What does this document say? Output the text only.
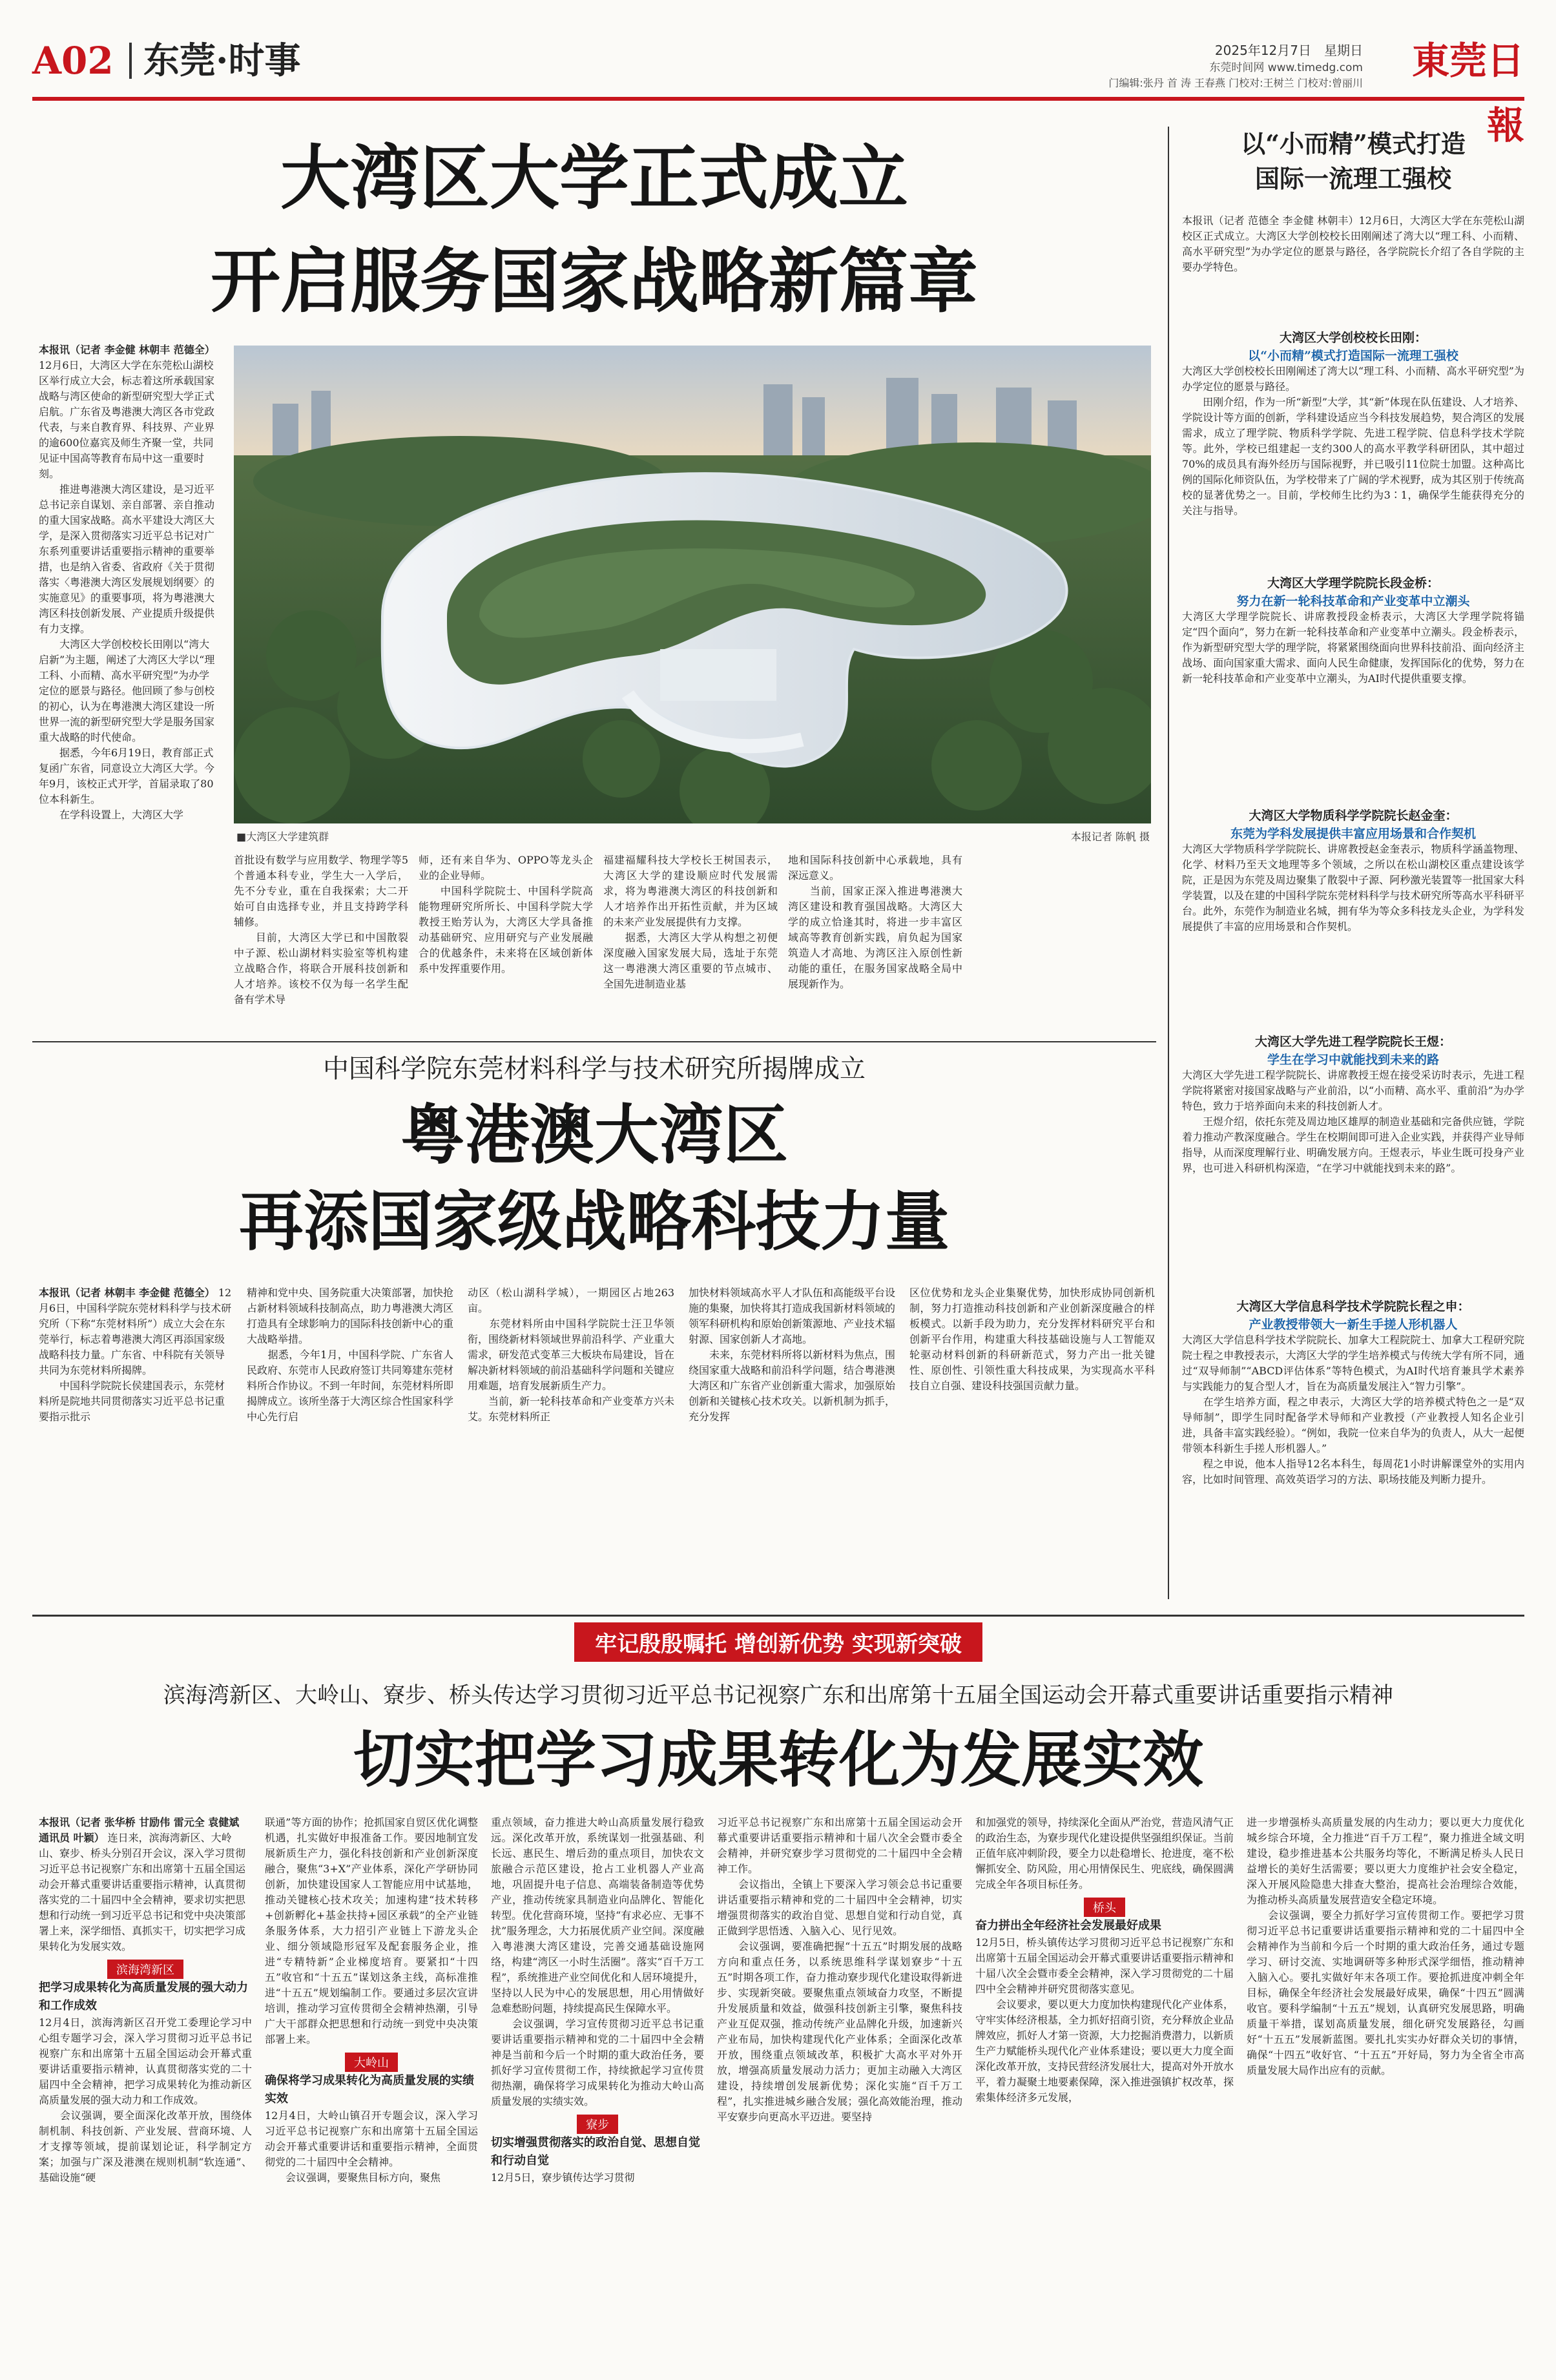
A02 东莞·时事	2025年12月7日　星期日
东莞时间网 www.timedg.com
门编辑:张丹 首 涛 王春燕 门校对:王树兰 门校对:曾丽川
東莞日報
大湾区大学正式成立
开启服务国家战略新篇章

本报讯（记者 李金健 林朝丰 范德全）

12月6日，大湾区大学在东莞松山湖校区举行成立大会，标志着这所承载国家战略与湾区使命的新型研究型大学正式启航。广东省及粤港澳大湾区各市党政代表，与来自教育界、科技界、产业界的逾600位嘉宾及师生齐聚一堂，共同见证中国高等教育布局中这一重要时刻。
　　推进粤港澳大湾区建设，是习近平总书记亲自谋划、亲自部署、亲自推动的重大国家战略。高水平建设大湾区大学，是深入贯彻落实习近平总书记对广东系列重要讲话重要指示精神的重要举措，也是纳入省委、省政府《关于贯彻落实〈粤港澳大湾区发展规划纲要〉的实施意见》的重要事项，将为粤港澳大湾区科技创新发展、产业提质升级提供有力支撑。
　　大湾区大学创校校长田刚以“湾大启新”为主题，阐述了大湾区大学以“理工科、小而精、高水平研究型”为办学定位的愿景与路径。他回顾了参与创校的初心，认为在粤港澳大湾区建设一所世界一流的新型研究型大学是服务国家重大战略的时代使命。
　　据悉，今年6月19日，教育部正式复函广东省，同意设立大湾区大学。今年9月，该校正式开学，首届录取了80位本科新生。
　　在学科设置上，大湾区大学

■大湾区大学建筑群	本报记者 陈帆 摄

首批设有数学与应用数学、物理学等5个普通本科专业，学生大一入学后，先不分专业，重在自我探索；大二开始可自由选择专业，并且支持跨学科辅修。
　　目前，大湾区大学已和中国散裂中子源、松山湖材料实验室等机构建立战略合作，将联合开展科技创新和人才培养。该校不仅为每一名学生配备有学术导

师，还有来自华为、OPPO等龙头企业的企业导师。
　　中国科学院院士、中国科学院高能物理研究所所长、中国科学院大学教授王贻芳认为，大湾区大学具备推动基础研究、应用研究与产业发展融合的优越条件，未来将在区域创新体系中发挥重要作用。

福建福耀科技大学校长王树国表示，大湾区大学的建设顺应时代发展需求，将为粤港澳大湾区的科技创新和人才培养作出开拓性贡献，并为区域的未来产业发展提供有力支撑。
　　据悉，大湾区大学从构想之初便深度融入国家发展大局，选址于东莞这一粤港澳大湾区重要的节点城市、全国先进制造业基

地和国际科技创新中心承载地，具有深远意义。
　　当前，国家正深入推进粤港澳大湾区建设和教育强国战略。大湾区大学的成立恰逢其时，将进一步丰富区域高等教育创新实践，肩负起为国家筑造人才高地、为湾区注入原创性新动能的重任，在服务国家战略全局中展现新作为。

以“小而精”模式打造
国际一流理工强校

本报讯（记者 范德全 李金健 林朝丰）12月6日，大湾区大学在东莞松山湖校区正式成立。大湾区大学创校校长田刚阐述了湾大以“理工科、小而精、高水平研究型”为办学定位的愿景与路径，各学院院长介绍了各自学院的主要办学特色。

大湾区大学创校校长田刚：
以“小而精”模式打造国际一流理工强校

大湾区大学创校校长田刚阐述了湾大以“理工科、小而精、高水平研究型”为办学定位的愿景与路径。
　　田刚介绍，作为一所“新型”大学，其“新”体现在队伍建设、人才培养、学院设计等方面的创新，学科建设适应当今科技发展趋势，契合湾区的发展需求，成立了理学院、物质科学学院、先进工程学院、信息科学技术学院等。此外，学校已组建起一支约300人的高水平教学科研团队，其中超过70%的成员具有海外经历与国际视野，并已吸引11位院士加盟。这种高比例的国际化师资队伍，为学校带来了广阔的学术视野，成为其区别于传统高校的显著优势之一。目前，学校师生比约为3∶1，确保学生能获得充分的关注与指导。

大湾区大学理学院院长段金桥：
努力在新一轮科技革命和产业变革中立潮头

大湾区大学理学院院长、讲席教授段金桥表示，大湾区大学理学院将锚定“四个面向”，努力在新一轮科技革命和产业变革中立潮头。段金桥表示，作为新型研究型大学的理学院，将紧紧围绕面向世界科技前沿、面向经济主战场、面向国家重大需求、面向人民生命健康，发挥国际化的优势，努力在新一轮科技革命和产业变革中立潮头，为AI时代提供重要支撑。

大湾区大学物质科学学院院长赵金奎：
东莞为学科发展提供丰富应用场景和合作契机

大湾区大学物质科学学院院长、讲席教授赵金奎表示，物质科学涵盖物理、化学、材料乃至天文地理等多个领域，之所以在松山湖校区重点建设该学院，正是因为东莞及周边聚集了散裂中子源、阿秒激光装置等一批国家大科学装置，以及在建的中国科学院东莞材料科学与技术研究所等高水平科研平台。此外，东莞作为制造业名城，拥有华为等众多科技龙头企业，为学科发展提供了丰富的应用场景和合作契机。

大湾区大学先进工程学院院长王煜：
学生在学习中就能找到未来的路

大湾区大学先进工程学院院长、讲席教授王煜在接受采访时表示，先进工程学院将紧密对接国家战略与产业前沿，以“小而精、高水平、重前沿”为办学特色，致力于培养面向未来的科技创新人才。
　　王煜介绍，依托东莞及周边地区雄厚的制造业基础和完备供应链，学院着力推动产教深度融合。学生在校期间即可进入企业实践，并获得产业导师指导，从而深度理解行业、明确发展方向。王煜表示，毕业生既可投身产业界，也可进入科研机构深造，“在学习中就能找到未来的路”。

大湾区大学信息科学技术学院院长程之申：
产业教授带领大一新生手搓人形机器人

大湾区大学信息科学技术学院院长、加拿大工程院院士、加拿大工程研究院院士程之申教授表示，大湾区大学的学生培养模式与传统大学有所不同，通过“双导师制”“ABCD评估体系”等特色模式，为AI时代培育兼具学术素养与实践能力的复合型人才，旨在为高质量发展注入“智力引擎”。
　　在学生培养方面，程之申表示，大湾区大学的培养模式特色之一是“双导师制”，即学生同时配备学术导师和产业教授（产业教授人知名企业引进，具备丰富实践经验）。“例如，我院一位来自华为的负责人，从大一起便带领本科新生手搓人形机器人。”
　　程之申说，他本人指导12名本科生，每周花1小时讲解课堂外的实用内容，比如时间管理、高效英语学习的方法、职场技能及判断力提升。

中国科学院东莞材料科学与技术研究所揭牌成立
粤港澳大湾区
再添国家级战略科技力量

本报讯（记者 林朝丰 李金健 范德全）

12月6日，中国科学院东莞材料科学与技术研究所（下称“东莞材料所”）成立大会在东莞举行，标志着粤港澳大湾区再添国家级战略科技力量。广东省、中科院有关领导共同为东莞材料所揭牌。
　　中国科学院院长侯建国表示，东莞材料所是院地共同贯彻落实习近平总书记重要指示批示

精神和党中央、国务院重大决策部署，加快抢占新材料领域科技制高点，助力粤港澳大湾区打造具有全球影响力的国际科技创新中心的重大战略举措。
　　据悉，今年1月，中国科学院、广东省人民政府、东莞市人民政府签订共同筹建东莞材料所合作协议。不到一年时间，东莞材料所即揭牌成立。该所坐落于大湾区综合性国家科学中心先行启

动区（松山湖科学城），一期园区占地263亩。
　　东莞材料所由中国科学院院士汪卫华领衔，围绕新材料领域世界前沿科学、产业重大需求，研发范式变革三大板块布局建设，旨在解决新材料领域的前沿基础科学问题和关键应用难题，培育发展新质生产力。
　　当前，新一轮科技革命和产业变革方兴未艾。东莞材料所正

加快材料领域高水平人才队伍和高能级平台设施的集聚，加快将其打造成我国新材料领域的领军科研机构和原始创新策源地、产业技术辐射源、国家创新人才高地。
　　未来，东莞材料所将以新材料为焦点，围绕国家重大战略和前沿科学问题，结合粤港澳大湾区和广东省产业创新重大需求，加强原始创新和关键核心技术攻关。以新机制为抓手，充分发挥

区位优势和龙头企业集聚优势，加快形成协同创新机制，努力打造推动科技创新和产业创新深度融合的样板模式。以新手段为助力，充分发挥材料研究平台和创新平台作用，构建重大科技基础设施与人工智能双轮驱动材料创新的科研新范式，努力产出一批关键性、原创性、引领性重大科技成果，为实现高水平科技自立自强、建设科技强国贡献力量。

牢记殷殷嘱托 增创新优势 实现新突破
滨海湾新区、大岭山、寮步、桥头传达学习贯彻习近平总书记视察广东和出席第十五届全国运动会开幕式重要讲话重要指示精神
切实把学习成果转化为发展实效

本报讯（记者 张华桥 甘励伟 雷元全 袁健斌 通讯员 叶颖）

连日来，滨海湾新区、大岭山、寮步、桥头分别召开会议，深入学习贯彻习近平总书记视察广东和出席第十五届全国运动会开幕式重要讲话重要指示精神，认真贯彻落实党的二十届四中全会精神，要求切实把思想和行动统一到习近平总书记和党中央决策部署上来，深学细悟、真抓实干，切实把学习成果转化为发展实效。

滨海湾新区
把学习成果转化为高质量发展的强大动力和工作成效

12月4日，滨海湾新区召开党工委理论学习中心组专题学习会，深入学习贯彻习近平总书记视察广东和出席第十五届全国运动会开幕式重要讲话重要指示精神，认真贯彻落实党的二十届四中全会精神，把学习成果转化为推动新区高质量发展的强大动力和工作成效。
　　会议强调，要全面深化改革开放，围绕体制机制、科技创新、产业发展、营商环境、人才支撑等领域，提前谋划论证，科学制定方案；加强与广深及港澳在规则机制“软连通”、基础设施“硬

联通”等方面的协作；抢抓国家自贸区优化调整机遇，扎实做好申报准备工作。要因地制宜发展新质生产力，强化科技创新和产业创新深度融合，聚焦“3+X”产业体系，深化产学研协同创新，加快建设国家人工智能应用中试基地，推动关键核心技术攻关；加速构建“技术转移+创新孵化+基金扶持+园区承载”的全产业链条服务体系，大力招引产业链上下游龙头企业、细分领域隐形冠军及配套服务企业，推进“专精特新”企业梯度培育。要紧扣“十四五”收官和“十五五”谋划这条主线，高标准推进“十五五”规划编制工作。要通过多层次宣讲培训，推动学习宣传贯彻全会精神热潮，引导广大干部群众把思想和行动统一到党中央决策部署上来。

大岭山
确保将学习成果转化为高质量发展的实绩实效

12月4日，大岭山镇召开专题会议，深入学习习近平总书记视察广东和出席第十五届全国运动会开幕式重要讲话和重要指示精神，全面贯彻党的二十届四中全会精神。
　　会议强调，要聚焦目标方向，聚焦

重点领域，奋力推进大岭山高质量发展行稳致远。深化改革开放，系统谋划一批强基础、利长远、惠民生、增后劲的重点项目，加快农文旅融合示范区建设，抢占工业机器人产业高地，巩固提升电子信息、高端装备制造等优势产业，推动传统家具制造业向品牌化、智能化转型。优化营商环境，坚持“有求必应、无事不扰”服务理念，大力拓展优质产业空间。深度融入粤港澳大湾区建设，完善交通基础设施网络，构建“湾区一小时生活圈”。落实“百千万工程”，系统推进产业空间优化和人居环境提升，坚持以人民为中心的发展思想，用心用情做好急难愁盼问题，持续提高民生保障水平。
　　会议强调，学习宣传贯彻习近平总书记重要讲话重要指示精神和党的二十届四中全会精神是当前和今后一个时期的重大政治任务，要抓好学习宣传贯彻工作，持续掀起学习宣传贯彻热潮，确保将学习成果转化为推动大岭山高质量发展的实绩实效。

寮步
切实增强贯彻落实的政治自觉、思想自觉和行动自觉

12月5日，寮步镇传达学习贯彻

习近平总书记视察广东和出席第十五届全国运动会开幕式重要讲话重要指示精神和十届八次全会暨市委全会精神，并研究寮步学习贯彻党的二十届四中全会精神工作。
　　会议指出，全镇上下要深入学习领会总书记重要讲话重要指示精神和党的二十届四中全会精神，切实增强贯彻落实的政治自觉、思想自觉和行动自觉，真正做到学思悟透、入脑入心、见行见效。
　　会议强调，要准确把握“十五五”时期发展的战略方向和重点任务，以系统思维科学谋划寮步“十五五”时期各项工作，奋力推动寮步现代化建设取得新进步、实现新突破。要聚焦重点领域奋力攻坚，不断提升发展质量和效益，做强科技创新主引擎，聚焦科技产业互促双强，推动传统产业品牌化升级，加速新兴产业布局，加快构建现代化产业体系；全面深化改革开放，围绕重点领域改革，积极扩大高水平对外开放，增强高质量发展动力活力；更加主动融入大湾区建设，持续增创发展新优势；深化实施“百千万工程”，扎实推进城乡融合发展；强化高效能治理，推动平安寮步向更高水平迈进。要坚持

和加强党的领导，持续深化全面从严治党，营造风清气正的政治生态，为寮步现代化建设提供坚强组织保证。当前正值年底冲刺阶段，要全力以赴稳增长、抢进度，毫不松懈抓安全、防风险，用心用情保民生、兜底线，确保圆满完成全年各项目标任务。

桥头
奋力拼出全年经济社会发展最好成果

12月5日，桥头镇传达学习贯彻习近平总书记视察广东和出席第十五届全国运动会开幕式重要讲话重要指示精神和十届八次全会暨市委全会精神，深入学习贯彻党的二十届四中全会精神并研究贯彻落实意见。
　　会议要求，要以更大力度加快构建现代化产业体系，守牢实体经济根基，全力抓好招商引资，充分释放企业品牌效应，抓好人才第一资源，大力挖掘消费潜力，以新质生产力赋能桥头现代化产业体系建设；要以更大力度全面深化改革开放，支持民营经济发展壮大，提高对外开放水平，着力凝聚土地要素保障，深入推进强镇扩权改革，探索集体经济多元发展，

进一步增强桥头高质量发展的内生动力；要以更大力度优化城乡综合环境，全力推进“百千万工程”，聚力推进全域文明建设，稳步推进基本公共服务均等化，不断满足桥头人民日益增长的美好生活需要；要以更大力度维护社会安全稳定，深入开展风险隐患大排查大整治，提高社会治理综合效能，为推动桥头高质量发展营造安全稳定环境。
　　会议强调，要全力抓好学习宣传贯彻工作。要把学习贯彻习近平总书记重要讲话重要指示精神和党的二十届四中全会精神作为当前和今后一个时期的重大政治任务，通过专题学习、研讨交流、实地调研等多种形式深学细悟，推动精神入脑入心。要扎实做好年末各项工作。要抢抓进度冲刺全年目标，确保全年经济社会发展最好成果，确保“十四五”圆满收官。要科学编制“十五五”规划，认真研究发展思路，明确质量干举措，谋划高质量发展，细化研究发展路径，勾画好“十五五”发展新蓝图。要扎扎实实办好群众关切的事情，确保“十四五”收好官、“十五五”开好局，努力为全省全市高质量发展大局作出应有的贡献。
